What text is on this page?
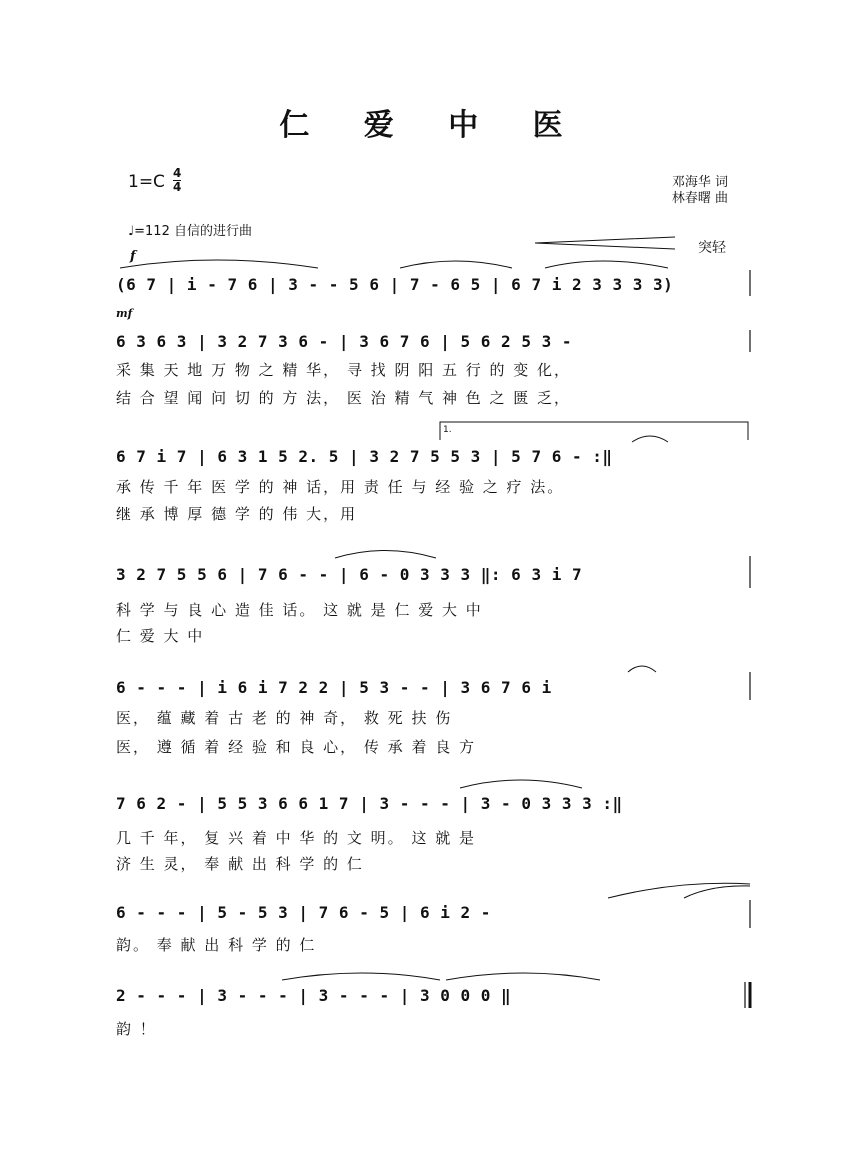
仁 爱 中 医
1=C 4
4	邓海华 词
林春曙 曲
♩=112 自信的进行曲
f
mf
突轻
(6 7 | i - 7 6 | 3 - - 5 6 | 7 - 6 5 | 6 7 i 2 3 3 3 3)
6 3 6 3 | 3 2 7 3 6 - | 3 6 7 6 | 5 6 2 5 3 -
采 集 天 地 万 物 之 精 华， 寻 找 阴 阳 五 行 的 变 化，
结 合 望 闻 问 切 的 方 法， 医 治 精 气 神 色 之 匮 乏，
1.
6 7 i 7 | 6 3 1 5 2. 5 | 3 2 7 5 5 3 | 5 7 6 - :‖
承 传 千 年 医 学 的 神 话，用 责 任 与 经 验 之 疗 法。
继 承 博 厚 德 学 的 伟 大，用
3 2 7 5 5 6 | 7 6 - - | 6 - 0 3 3 3 ‖: 6 3 i 7
科 学 与 良 心 造 佳 话。 这 就 是 仁 爱 大 中
仁 爱 大 中
6 - - - | i 6 i 7 2 2 | 5 3 - - | 3 6 7 6 i
医， 蕴 藏 着 古 老 的 神 奇， 救 死 扶 伤
医， 遵 循 着 经 验 和 良 心， 传 承 着 良 方
7 6 2 - | 5 5 3 6 6 1 7 | 3 - - - | 3 - 0 3 3 3 :‖
几 千 年， 复 兴 着 中 华 的 文 明。 这 就 是
济 生 灵， 奉 献 出 科 学 的 仁
6 - - - | 5 - 5 3 | 7 6 - 5 | 6 i 2 -
韵。 奉 献 出 科 学 的 仁
2 - - - | 3 - - - | 3 - - - | 3 0 0 0 ‖
韵 ！
